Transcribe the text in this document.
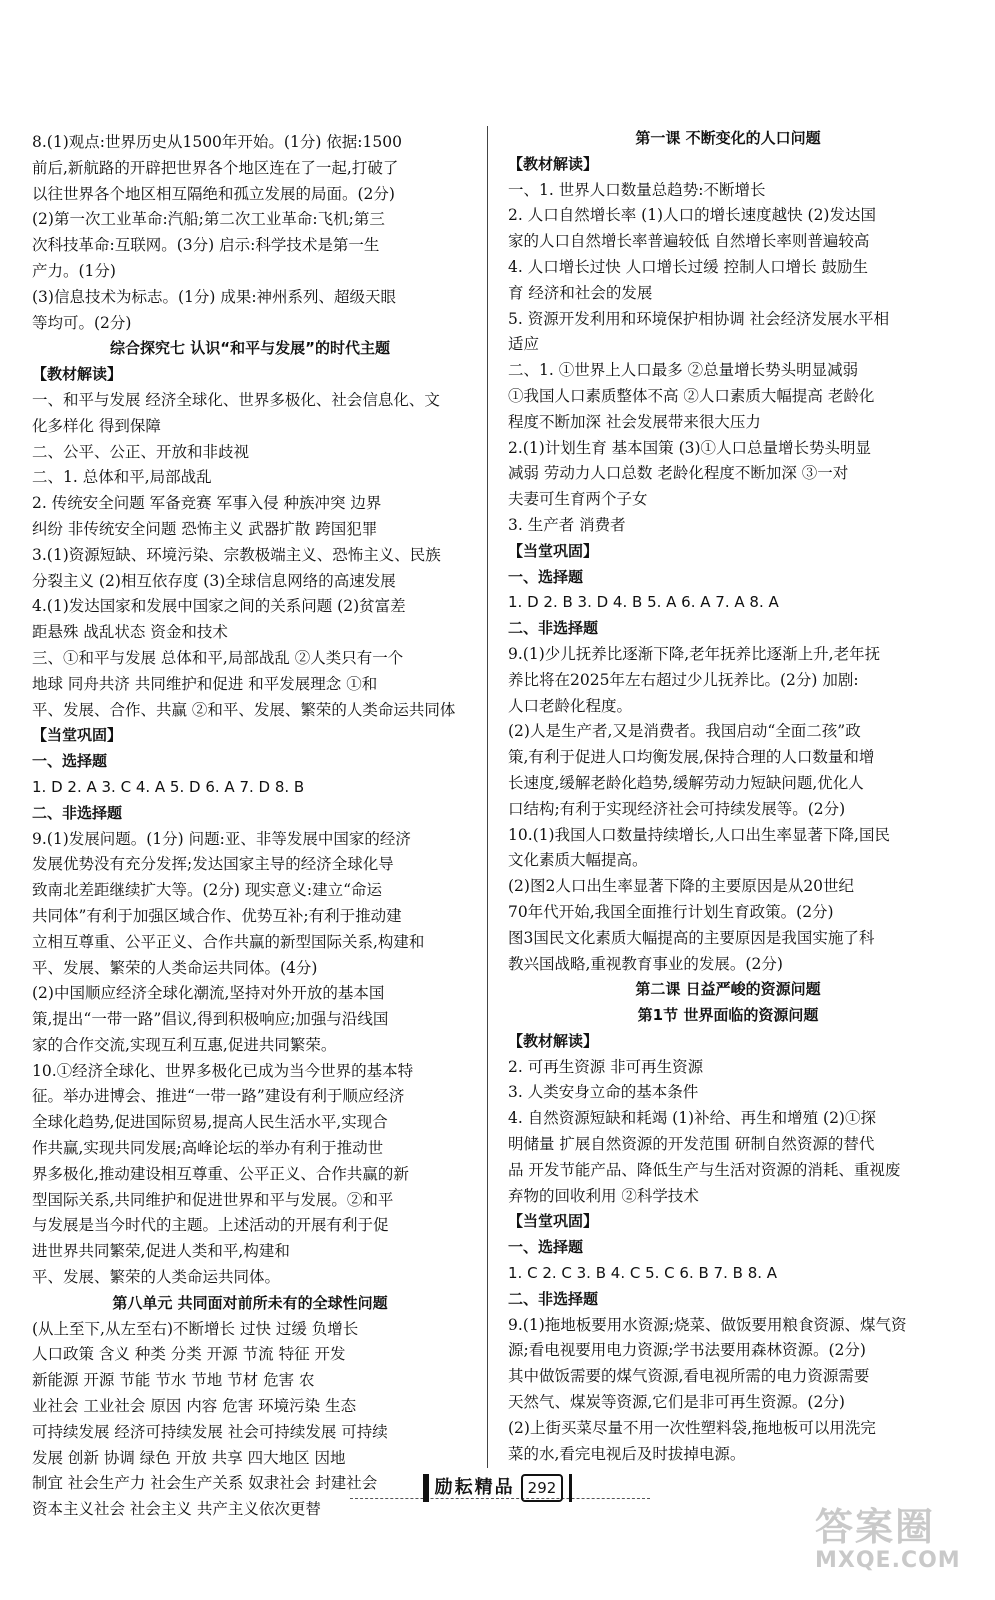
8.(1)观点:世界历史从1500年开始。(1分) 依据:1500
前后,新航路的开辟把世界各个地区连在了一起,打破了
以往世界各个地区相互隔绝和孤立发展的局面。(2分)
(2)第一次工业革命:汽船;第二次工业革命:飞机;第三
次科技革命:互联网。(3分) 启示:科学技术是第一生
产力。(1分)
(3)信息技术为标志。(1分) 成果:神州系列、超级天眼
等均可。(2分)
综合探究七 认识“和平与发展”的时代主题
【教材解读】
一、和平与发展 经济全球化、世界多极化、社会信息化、文
化多样化 得到保障
二、公平、公正、开放和非歧视
二、1. 总体和平,局部战乱
2. 传统安全问题 军备竞赛 军事入侵 种族冲突 边界
纠纷 非传统安全问题 恐怖主义 武器扩散 跨国犯罪
3.(1)资源短缺、环境污染、宗教极端主义、恐怖主义、民族
分裂主义 (2)相互依存度 (3)全球信息网络的高速发展
4.(1)发达国家和发展中国家之间的关系问题 (2)贫富差
距悬殊 战乱状态 资金和技术
三、①和平与发展 总体和平,局部战乱 ②人类只有一个
地球 同舟共济 共同维护和促进 和平发展理念 ①和
平、发展、合作、共赢 ②和平、发展、繁荣的人类命运共同体
【当堂巩固】
一、选择题
1. D 2. A 3. C 4. A 5. D 6. A 7. D 8. B
二、非选择题
9.(1)发展问题。(1分) 问题:亚、非等发展中国家的经济
发展优势没有充分发挥;发达国家主导的经济全球化导
致南北差距继续扩大等。(2分) 现实意义:建立“命运
共同体”有利于加强区域合作、优势互补;有利于推动建
立相互尊重、公平正义、合作共赢的新型国际关系,构建和
平、发展、繁荣的人类命运共同体。(4分)
(2)中国顺应经济全球化潮流,坚持对外开放的基本国
策,提出“一带一路”倡议,得到积极响应;加强与沿线国
家的合作交流,实现互利互惠,促进共同繁荣。
10.①经济全球化、世界多极化已成为当今世界的基本特
征。举办进博会、推进“一带一路”建设有利于顺应经济
全球化趋势,促进国际贸易,提高人民生活水平,实现合
作共赢,实现共同发展;高峰论坛的举办有利于推动世
界多极化,推动建设相互尊重、公平正义、合作共赢的新
型国际关系,共同维护和促进世界和平与发展。②和平
与发展是当今时代的主题。上述活动的开展有利于促
进世界共同繁荣,促进人类和平,构建和
平、发展、繁荣的人类命运共同体。
第八单元 共同面对前所未有的全球性问题
(从上至下,从左至右)不断增长 过快 过缓 负增长
人口政策 含义 种类 分类 开源 节流 特征 开发
新能源 开源 节能 节水 节地 节材 危害 农
业社会 工业社会 原因 内容 危害 环境污染 生态
可持续发展 经济可持续发展 社会可持续发展 可持续
发展 创新 协调 绿色 开放 共享 四大地区 因地
制宜 社会生产力 社会生产关系 奴隶社会 封建社会
资本主义社会 社会主义 共产主义依次更替
第一课 不断变化的人口问题
【教材解读】
一、1. 世界人口数量总趋势:不断增长
2. 人口自然增长率 (1)人口的增长速度越快 (2)发达国
家的人口自然增长率普遍较低 自然增长率则普遍较高
4. 人口增长过快 人口增长过缓 控制人口增长 鼓励生
育 经济和社会的发展
5. 资源开发利用和环境保护相协调 社会经济发展水平相
适应
二、1. ①世界上人口最多 ②总量增长势头明显减弱
①我国人口素质整体不高 ②人口素质大幅提高 老龄化
程度不断加深 社会发展带来很大压力
2.(1)计划生育 基本国策 (3)①人口总量增长势头明显
减弱 劳动力人口总数 老龄化程度不断加深 ③一对
夫妻可生育两个子女
3. 生产者 消费者
【当堂巩固】
一、选择题
1. D 2. B 3. D 4. B 5. A 6. A 7. A 8. A
二、非选择题
9.(1)少儿抚养比逐渐下降,老年抚养比逐渐上升,老年抚
养比将在2025年左右超过少儿抚养比。(2分) 加剧:
人口老龄化程度。
(2)人是生产者,又是消费者。我国启动“全面二孩”政
策,有利于促进人口均衡发展,保持合理的人口数量和增
长速度,缓解老龄化趋势,缓解劳动力短缺问题,优化人
口结构;有利于实现经济社会可持续发展等。(2分)
10.(1)我国人口数量持续增长,人口出生率显著下降,国民
文化素质大幅提高。
(2)图2人口出生率显著下降的主要原因是从20世纪
70年代开始,我国全面推行计划生育政策。(2分)
图3国民文化素质大幅提高的主要原因是我国实施了科
教兴国战略,重视教育事业的发展。(2分)
第二课 日益严峻的资源问题
第1节 世界面临的资源问题
【教材解读】
2. 可再生资源 非可再生资源
3. 人类安身立命的基本条件
4. 自然资源短缺和耗竭 (1)补给、再生和增殖 (2)①探
明储量 扩展自然资源的开发范围 研制自然资源的替代
品 开发节能产品、降低生产与生活对资源的消耗、重视废
弃物的回收利用 ②科学技术
【当堂巩固】
一、选择题
1. C 2. C 3. B 4. C 5. C 6. B 7. B 8. A
二、非选择题
9.(1)拖地板要用水资源;烧菜、做饭要用粮食资源、煤气资
源;看电视要用电力资源;学书法要用森林资源。(2分)
其中做饭需要的煤气资源,看电视所需的电力资源需要
天然气、煤炭等资源,它们是非可再生资源。(2分)
(2)上街买菜尽量不用一次性塑料袋,拖地板可以用洗完
菜的水,看完电视后及时拔掉电源。
励耘精品 292
答案圈
MXQE.COM
